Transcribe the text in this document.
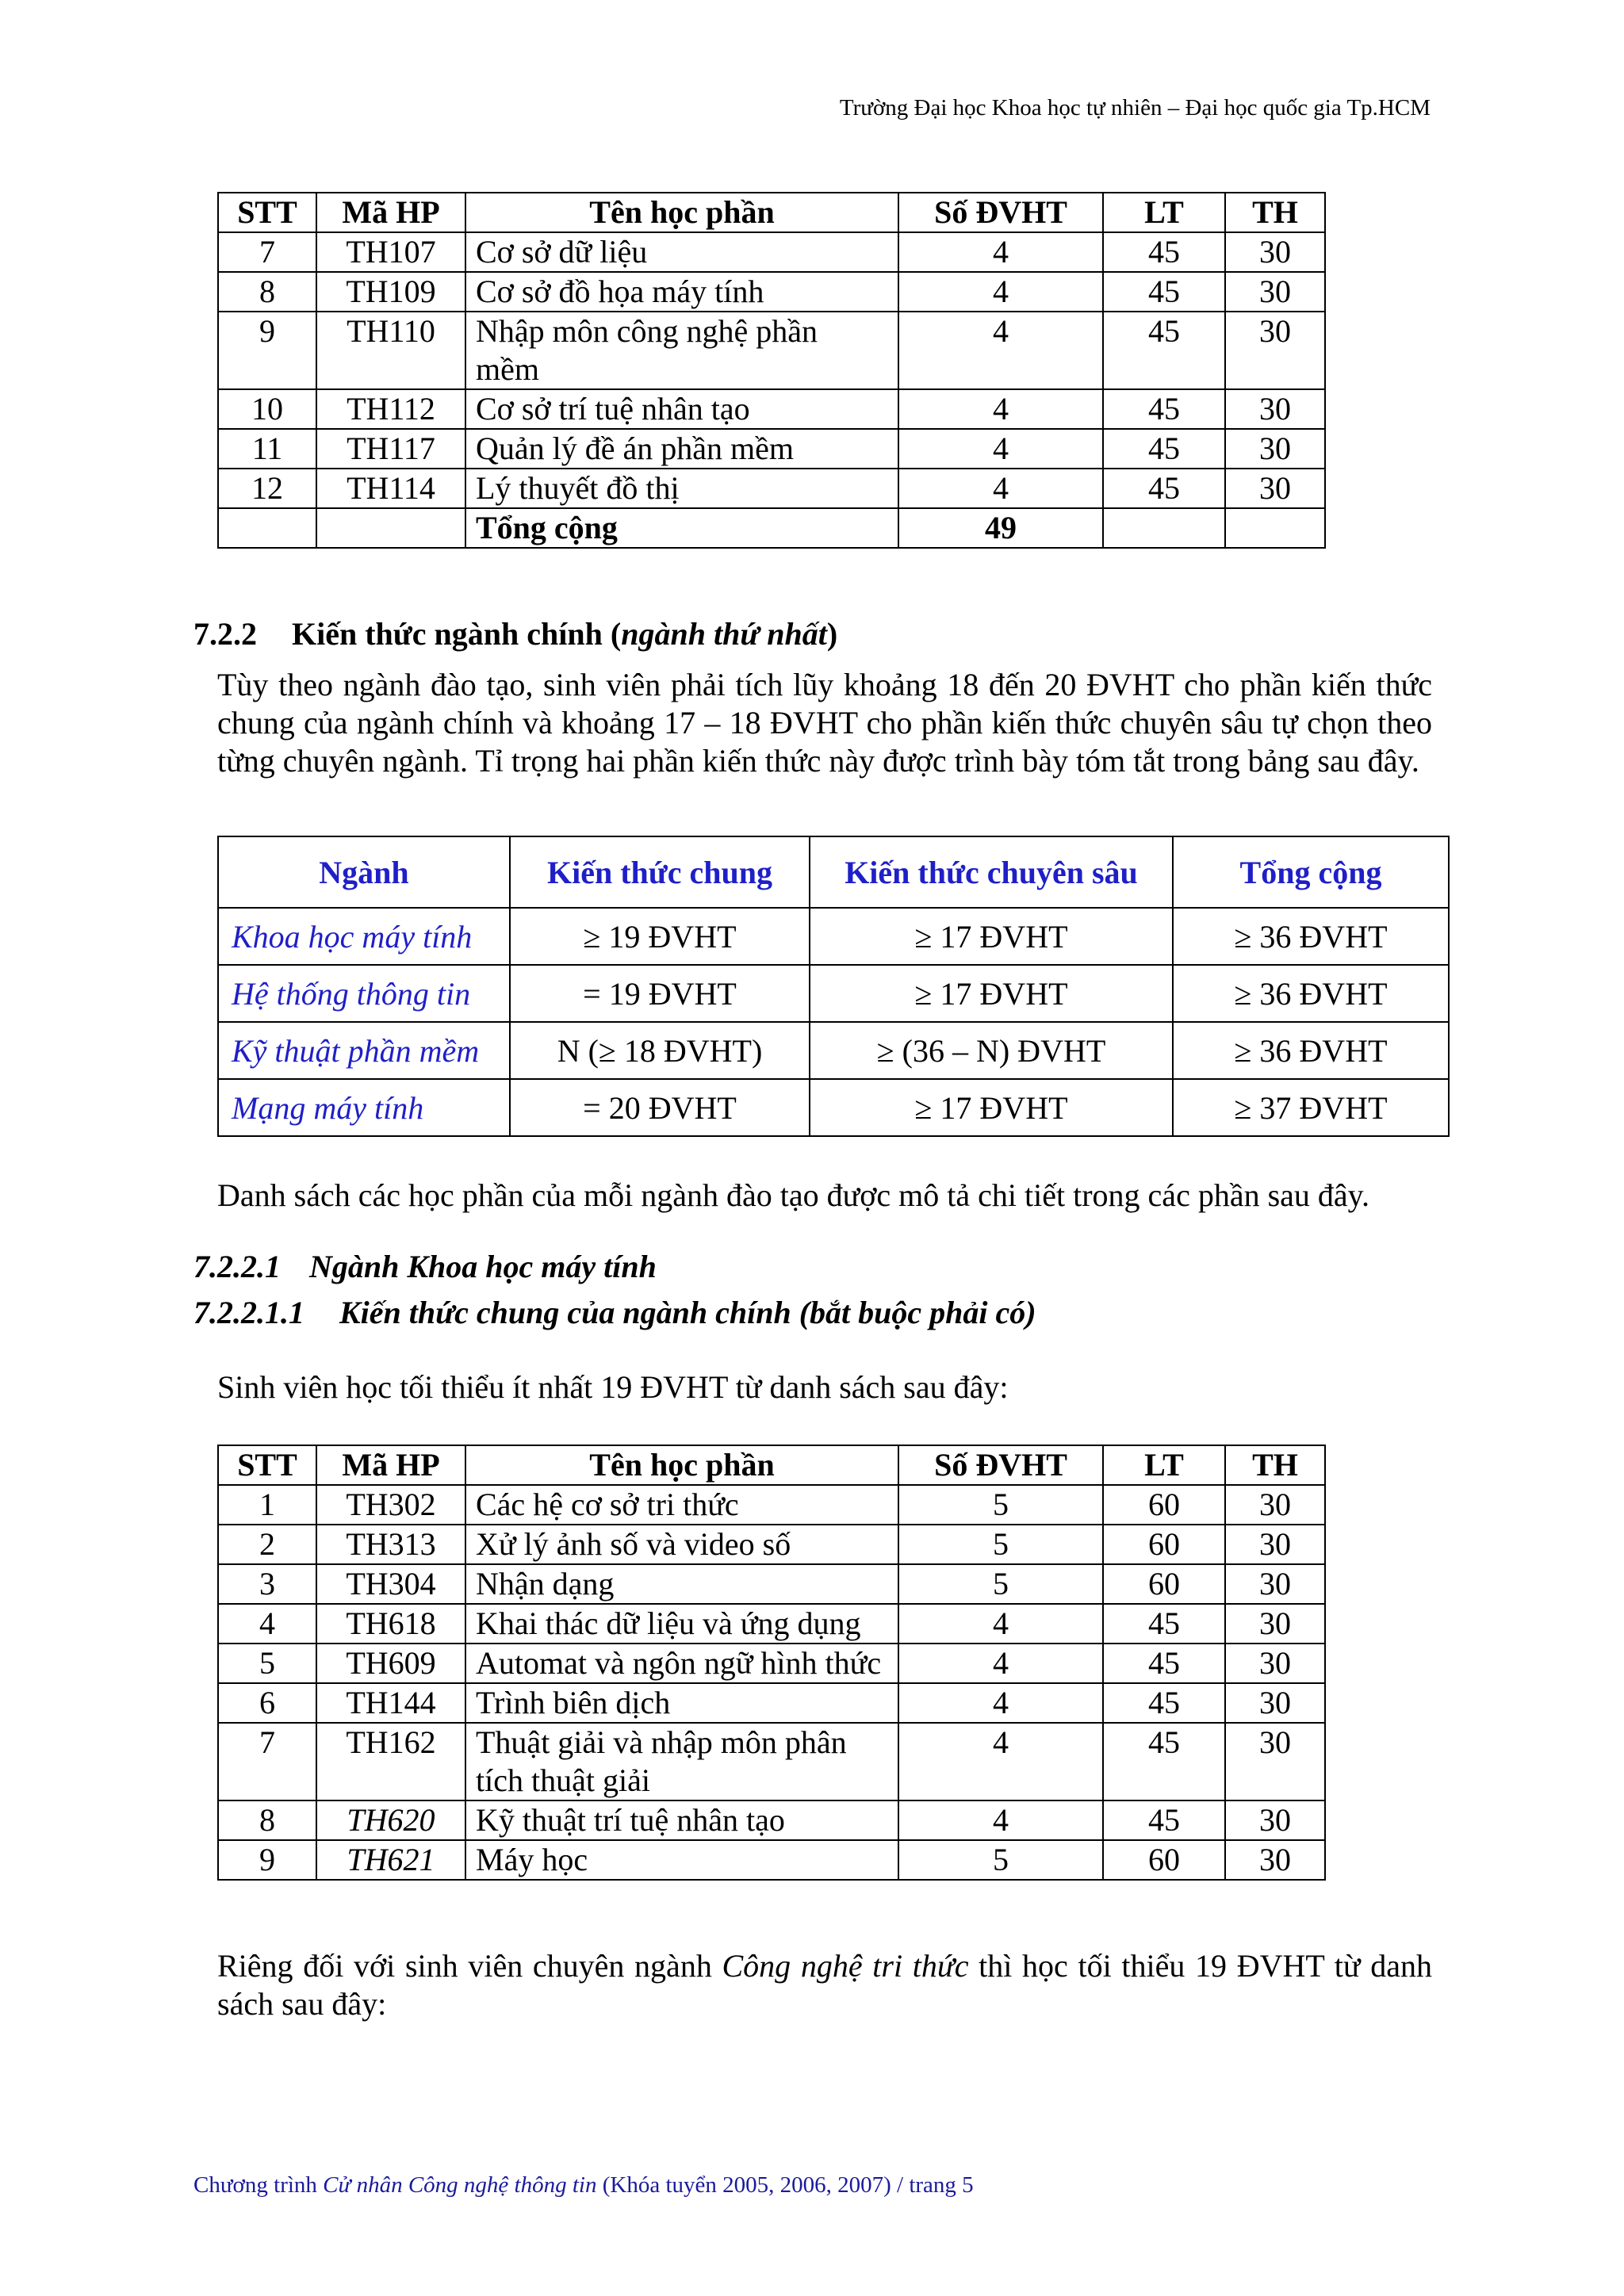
Trường Đại học Khoa học tự nhiên – Đại học quốc gia Tp.HCM
STT	Mã HP	Tên học phần	Số ĐVHT	LT	TH
7	TH107	Cơ sở dữ liệu	4	45	30
8	TH109	Cơ sở đồ họa máy tính	4	45	30
9	TH110	Nhập môn công nghệ phần mềm	4	45	30
10	TH112	Cơ sở trí tuệ nhân tạo	4	45	30
11	TH117	Quản lý đề án phần mềm	4	45	30
12	TH114	Lý thuyết đồ thị	4	45	30
		Tổng cộng	49		
7.2.2 Kiến thức ngành chính (ngành thứ nhất)

Tùy theo ngành đào tạo, sinh viên phải tích lũy khoảng 18 đến 20 ĐVHT cho phần kiến thức chung của ngành chính và khoảng 17 – 18 ĐVHT cho phần kiến thức chuyên sâu tự chọn theo từng chuyên ngành. Tỉ trọng hai phần kiến thức này được trình bày tóm tắt trong bảng sau đây.

Ngành	Kiến thức chung	Kiến thức chuyên sâu	Tổng cộng
Khoa học máy tính	≥ 19 ĐVHT	≥ 17 ĐVHT	≥ 36 ĐVHT
Hệ thống thông tin	= 19 ĐVHT	≥ 17 ĐVHT	≥ 36 ĐVHT
Kỹ thuật phần mềm	N (≥ 18 ĐVHT)	≥ (36 – N) ĐVHT	≥ 36 ĐVHT
Mạng máy tính	= 20 ĐVHT	≥ 17 ĐVHT	≥ 37 ĐVHT

Danh sách các học phần của mỗi ngành đào tạo được mô tả chi tiết trong các phần sau đây.

7.2.2.1 Ngành Khoa học máy tính
7.2.2.1.1 Kiến thức chung của ngành chính (bắt buộc phải có)

Sinh viên học tối thiểu ít nhất 19 ĐVHT từ danh sách sau đây:

STT	Mã HP	Tên học phần	Số ĐVHT	LT	TH
1	TH302	Các hệ cơ sở tri thức	5	60	30
2	TH313	Xử lý ảnh số và video số	5	60	30
3	TH304	Nhận dạng	5	60	30
4	TH618	Khai thác dữ liệu và ứng dụng	4	45	30
5	TH609	Automat và ngôn ngữ hình thức	4	45	30
6	TH144	Trình biên dịch	4	45	30
7	TH162	Thuật giải và nhập môn phân tích thuật giải	4	45	30
8	TH620	Kỹ thuật trí tuệ nhân tạo	4	45	30
9	TH621	Máy học	5	60	30

Riêng đối với sinh viên chuyên ngành Công nghệ tri thức thì học tối thiểu 19 ĐVHT từ danh sách sau đây:

Chương trình Cử nhân Công nghệ thông tin (Khóa tuyển 2005, 2006, 2007) / trang 5
